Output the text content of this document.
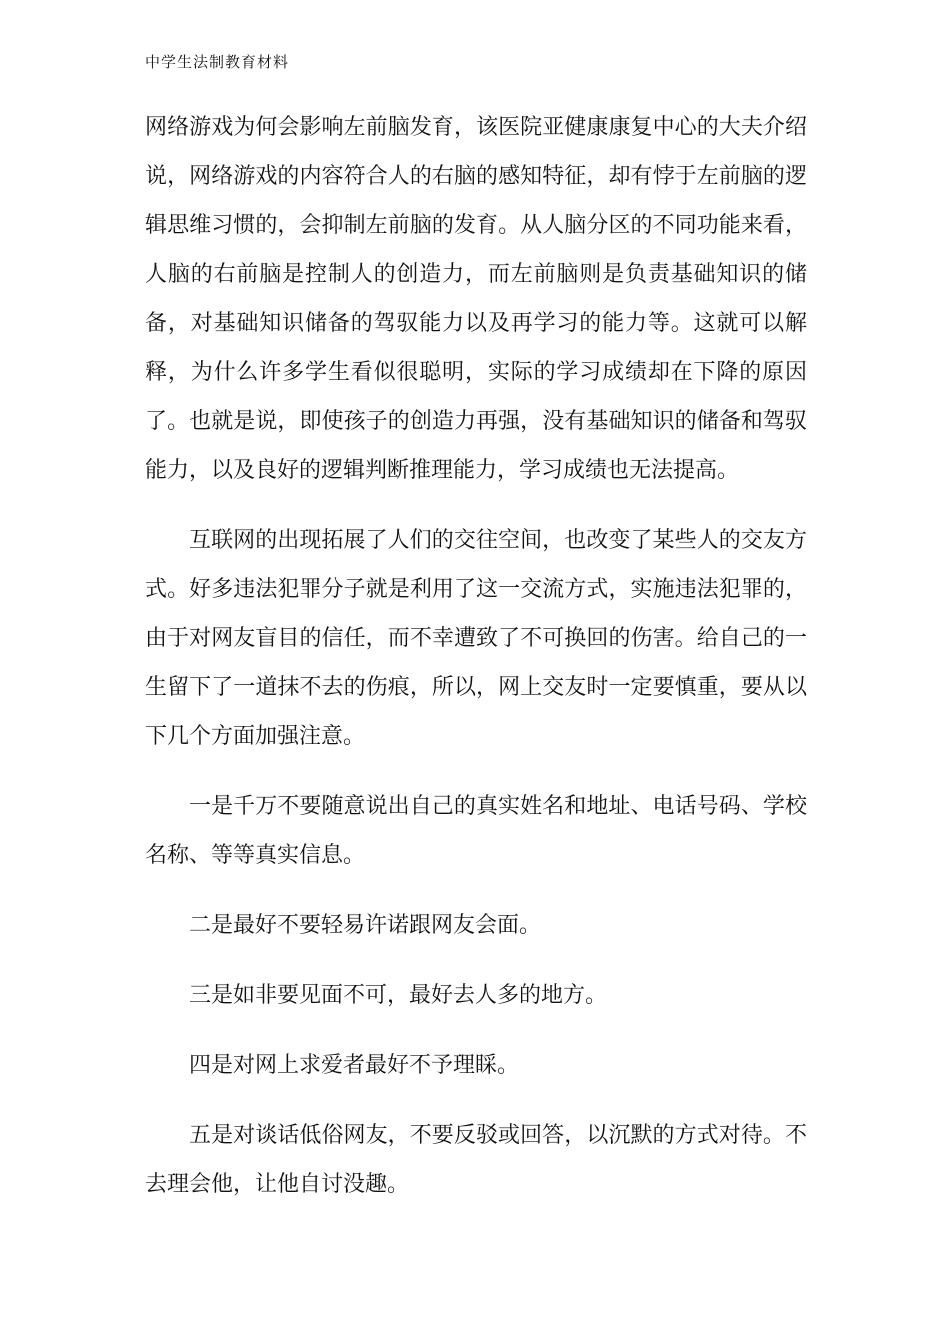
中学生法制教育材料

网络游戏为何会影响左前脑发育，该医院亚健康康复中心的大夫介绍说，网络游戏的内容符合人的右脑的感知特征，却有悖于左前脑的逻辑思维习惯的，会抑制左前脑的发育。从人脑分区的不同功能来看，人脑的右前脑是控制人的创造力，而左前脑则是负责基础知识的储备，对基础知识储备的驾驭能力以及再学习的能力等。这就可以解释，为什么许多学生看似很聪明，实际的学习成绩却在下降的原因了。也就是说，即使孩子的创造力再强，没有基础知识的储备和驾驭能力，以及良好的逻辑判断推理能力，学习成绩也无法提高。

互联网的出现拓展了人们的交往空间，也改变了某些人的交友方式。好多违法犯罪分子就是利用了这一交流方式，实施违法犯罪的，由于对网友盲目的信任，而不幸遭致了不可换回的伤害。给自己的一生留下了一道抹不去的伤痕，所以，网上交友时一定要慎重，要从以下几个方面加强注意。

一是千万不要随意说出自己的真实姓名和地址、电话号码、学校名称、等等真实信息。

二是最好不要轻易许诺跟网友会面。

三是如非要见面不可，最好去人多的地方。

四是对网上求爱者最好不予理睬。

五是对谈话低俗网友，不要反驳或回答，以沉默的方式对待。不去理会他，让他自讨没趣。
